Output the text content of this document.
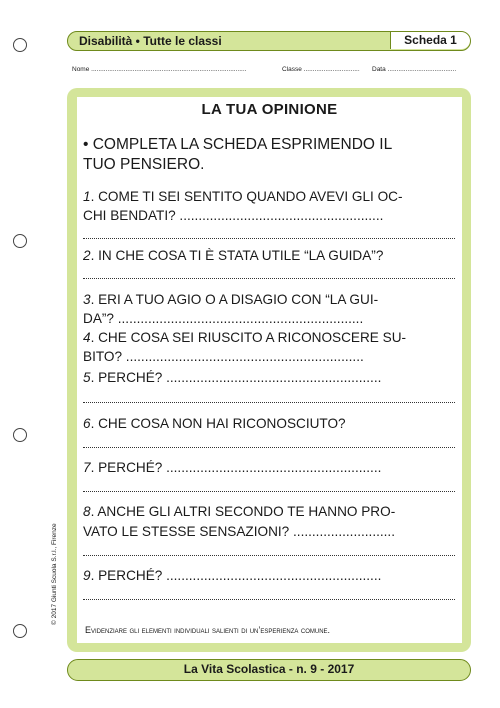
Disabilità • Tutte le classi	Scheda 1
Nome ......................................................................................	Classe ...............................	Data ......................................
© 2017 Giunti Scuola S.r.l., Firenze
LA TUA OPINIONE
• COMPLETA LA SCHEDA ESPRIMENDO IL
TUO PENSIERO.
1. COME TI SEI SENTITO QUANDO AVEVI GLI OC-
CHI BENDATI? ......................................................
2. IN CHE COSA TI È STATA UTILE “LA GUIDA”?
3. ERI A TUO AGIO O A DISAGIO CON “LA GUI-
DA”? .................................................................
4. CHE COSA SEI RIUSCITO A RICONOSCERE SU-
BITO? ...............................................................
5. PERCHÉ? .........................................................
6. CHE COSA NON HAI RICONOSCIUTO?
7. PERCHÉ? .........................................................
8. ANCHE GLI ALTRI SECONDO TE HANNO PRO-
VATO LE STESSE SENSAZIONI? ...........................
9. PERCHÉ? .........................................................
Evidenziare gli elementi individuali salienti di un’esperienza comune.
La Vita Scolastica - n. 9 - 2017
